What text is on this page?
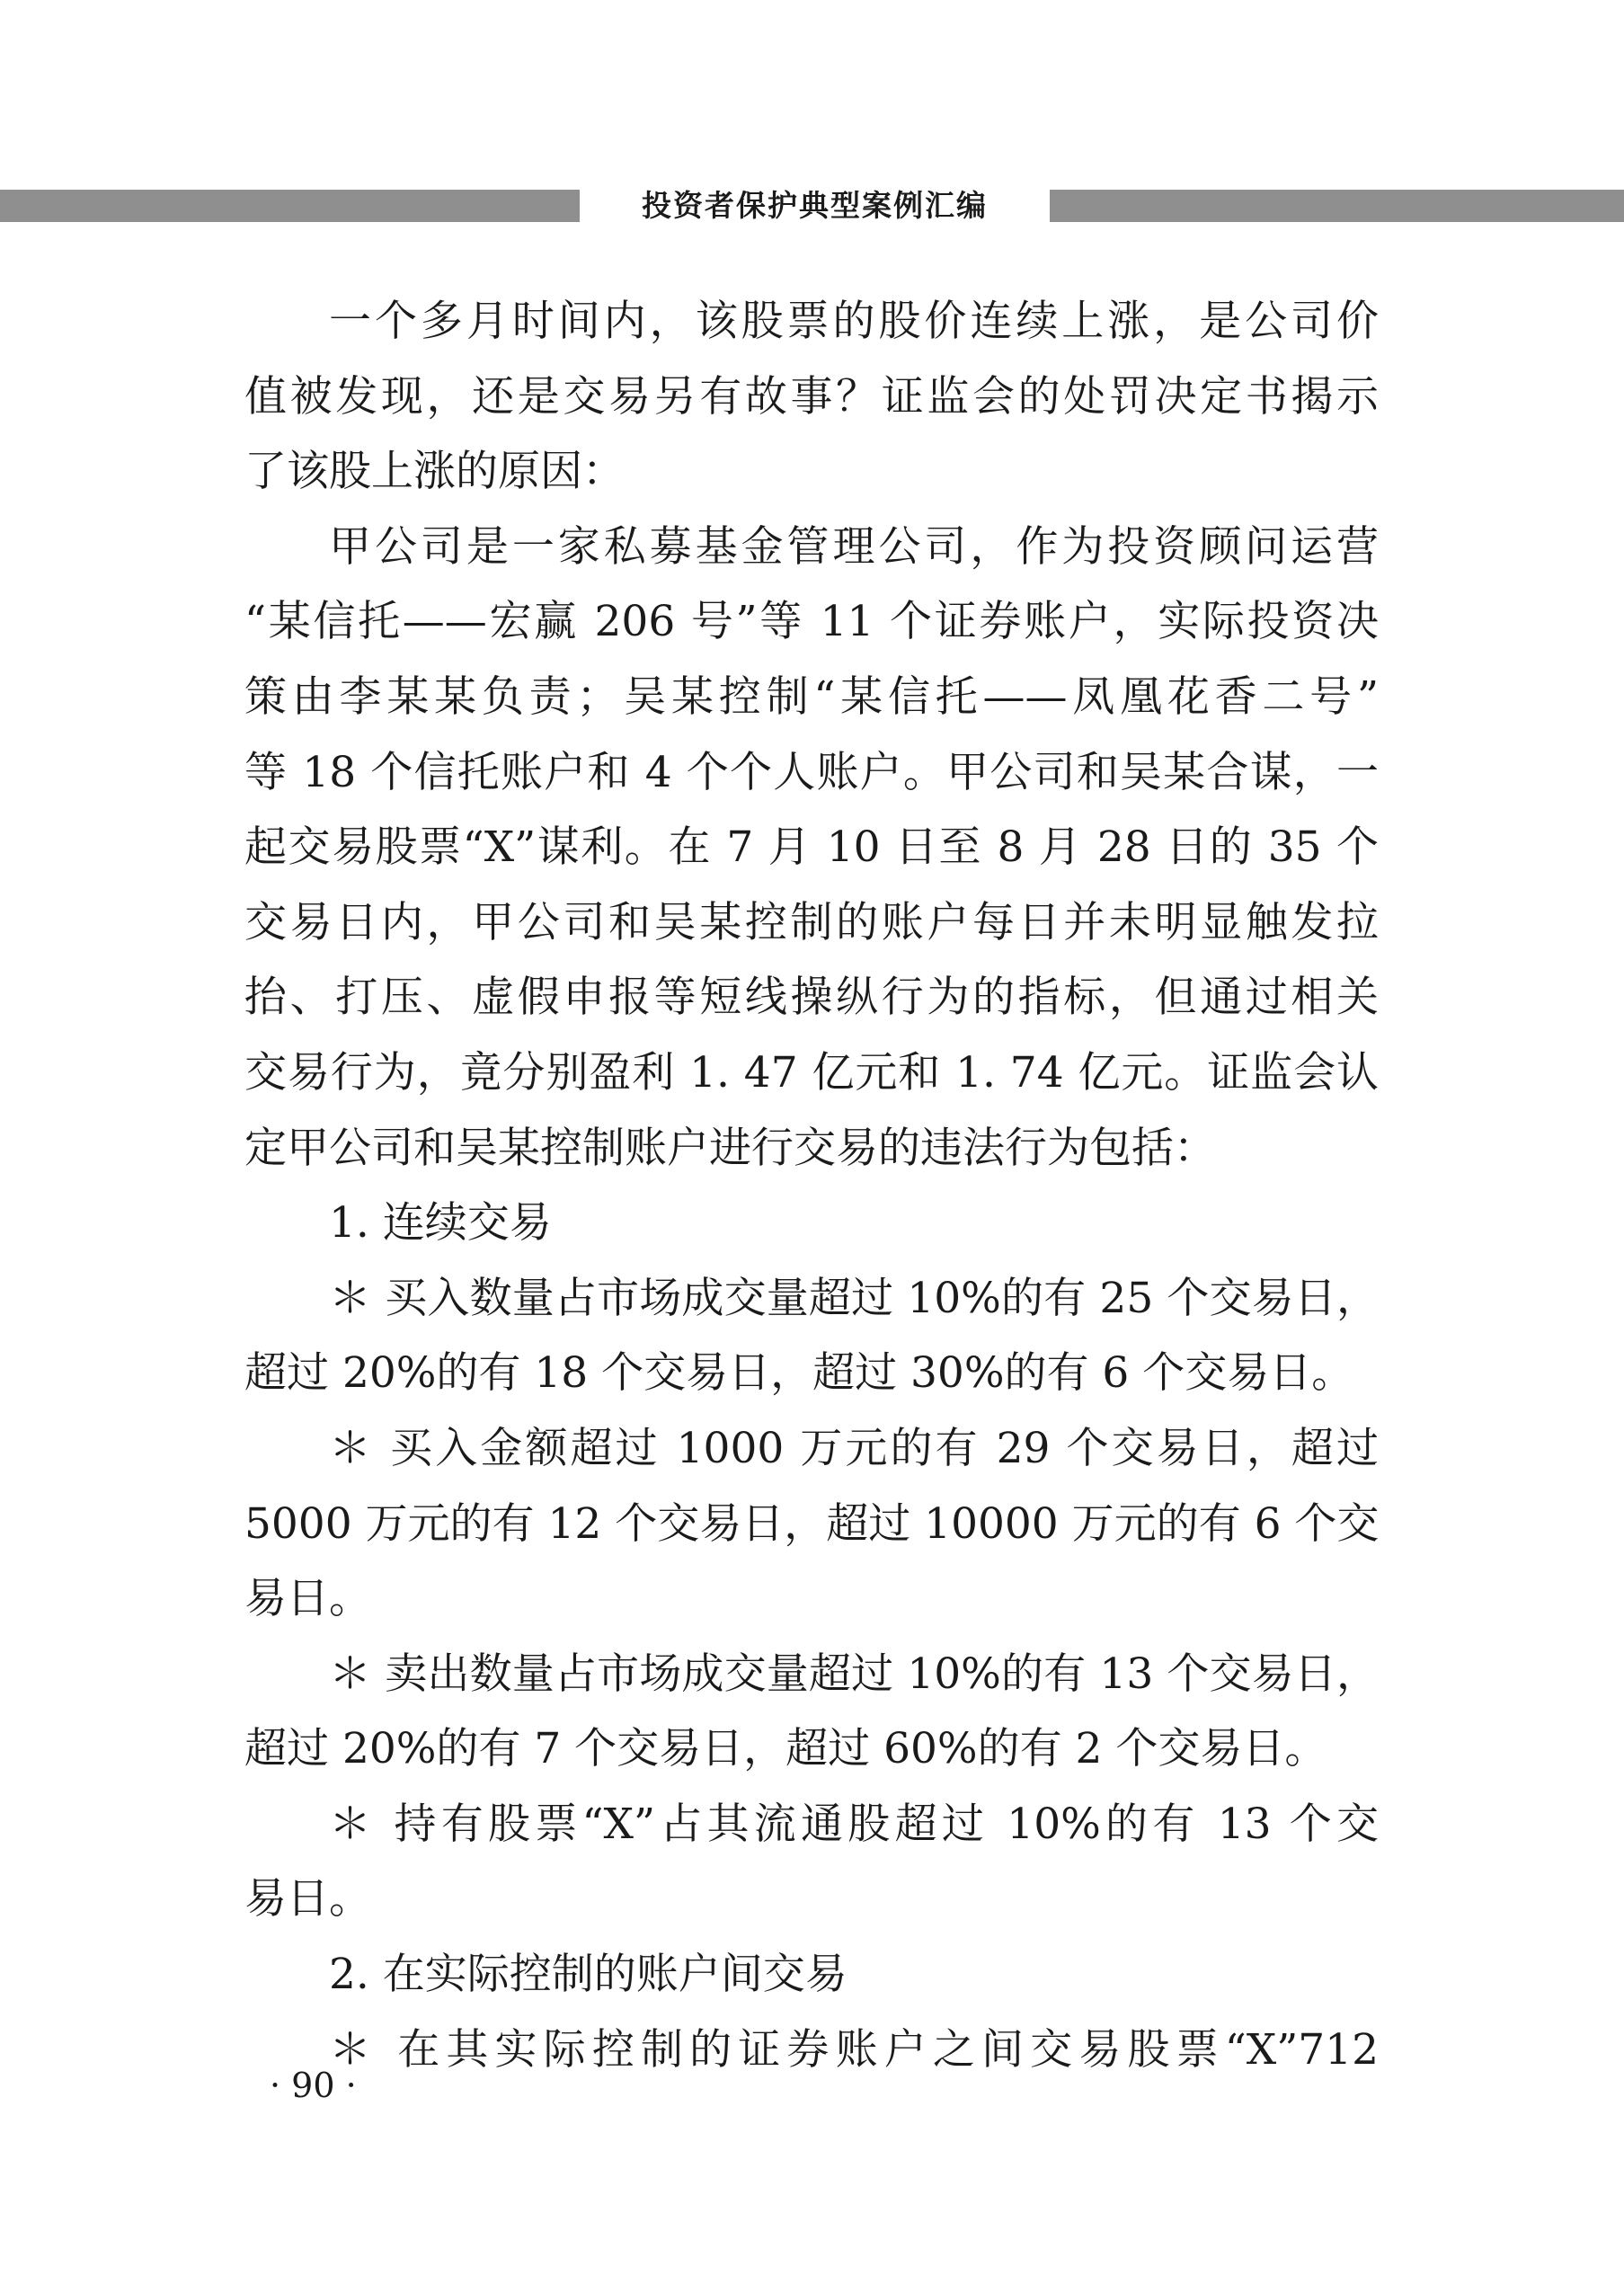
投资者保护典型案例汇编
一个多月时间内，该股票的股价连续上涨，是公司价
值被发现，还是交易另有故事？证监会的处罚决定书揭示
了该股上涨的原因：
甲公司是一家私募基金管理公司，作为投资顾问运营
“某信托——宏赢 206 号”等 11 个证券账户，实际投资决
策由李某某负责；吴某控制“某信托——凤凰花香二号”
等 18 个信托账户和 4 个个人账户。甲公司和吴某合谋，一
起交易股票“X”谋利。在 7 月 10 日至 8 月 28 日的 35 个
交易日内，甲公司和吴某控制的账户每日并未明显触发拉
抬、打压、虚假申报等短线操纵行为的指标，但通过相关
交易行为，竟分别盈利 1. 47 亿元和 1. 74 亿元。证监会认
定甲公司和吴某控制账户进行交易的违法行为包括：
1. 连续交易
＊ 买入数量占市场成交量超过 10%的有 25 个交易日，
超过 20%的有 18 个交易日，超过 30%的有 6 个交易日。
＊ 买入金额超过 1000 万元的有 29 个交易日，超过
5000 万元的有 12 个交易日，超过 10000 万元的有 6 个交
易日。
＊ 卖出数量占市场成交量超过 10%的有 13 个交易日，
超过 20%的有 7 个交易日，超过 60%的有 2 个交易日。
＊ 持有股票“X”占其流通股超过 10%的有 13 个交
易日。
2. 在实际控制的账户间交易
＊ 在其实际控制的证券账户之间交易股票“X”712
· 90 ·
